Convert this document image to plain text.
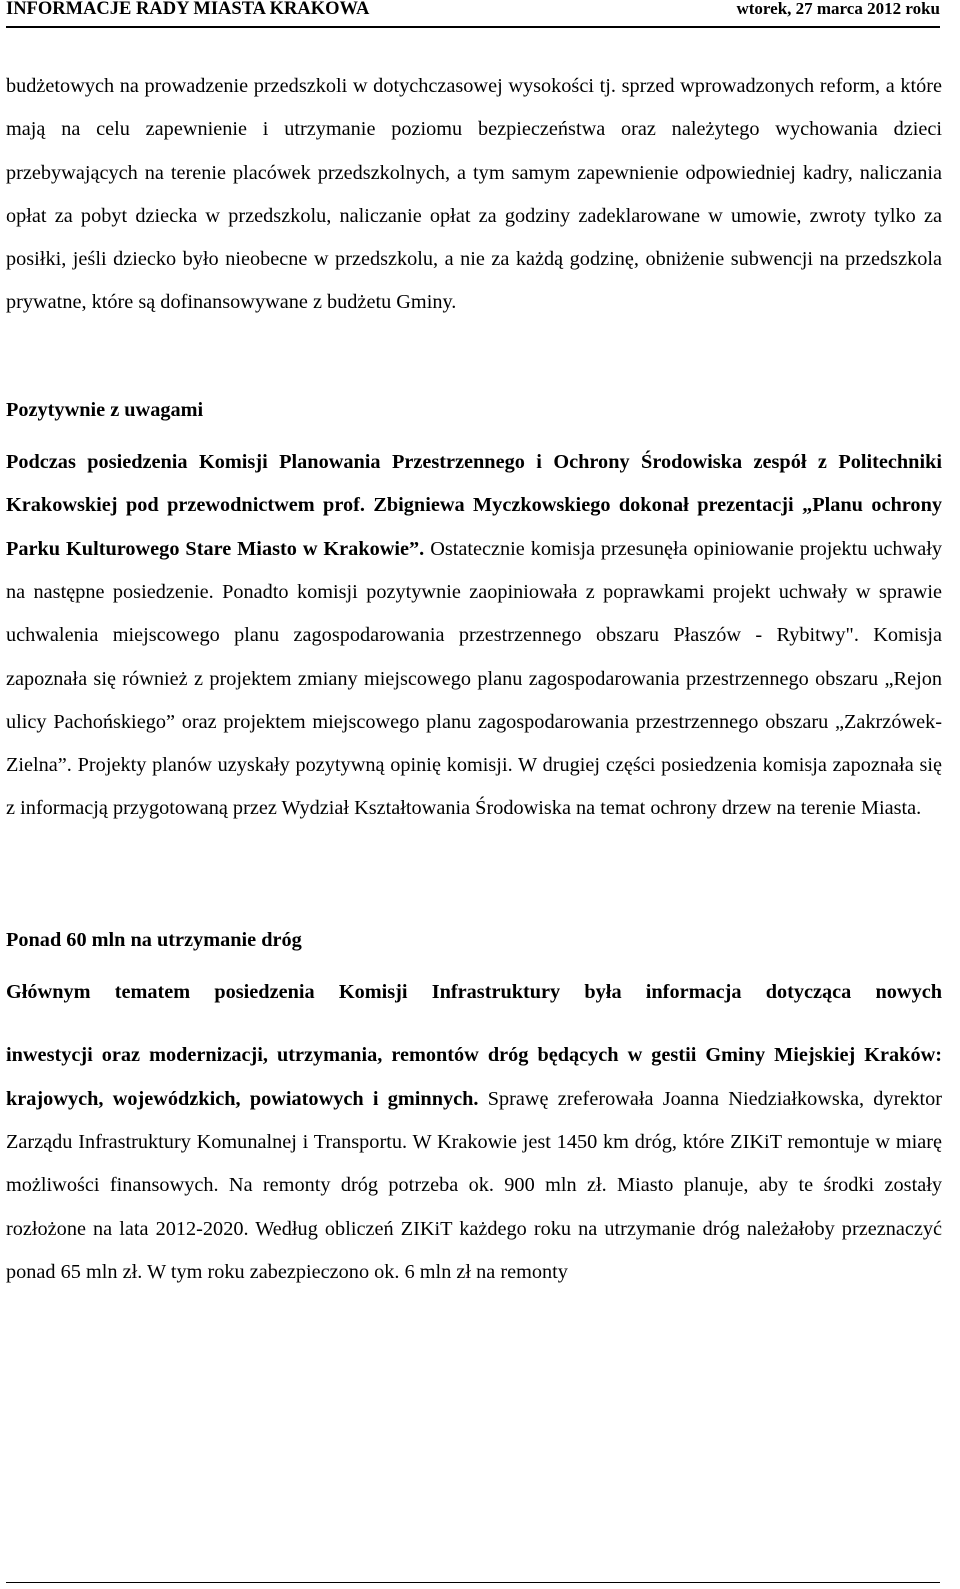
INFORMACJE RADY MIASTA KRAKOWA	wtorek, 27 marca 2012 roku

budżetowych na prowadzenie przedszkoli w dotychczasowej wysokości tj. sprzed wprowadzonych reform, a które mają na celu zapewnienie i utrzymanie poziomu bezpieczeństwa oraz należytego wychowania dzieci przebywających na terenie placówek przedszkolnych, a tym samym zapewnienie odpowiedniej kadry, naliczania opłat za pobyt dziecka w przedszkolu, naliczanie opłat za godziny zadeklarowane w umowie, zwroty tylko za posiłki, jeśli dziecko było nieobecne w przedszkolu, a nie za każdą godzinę, obniżenie subwencji na przedszkola prywatne, które są dofinansowywane z budżetu Gminy.

Pozytywnie z uwagami

Podczas posiedzenia Komisji Planowania Przestrzennego i Ochrony Środowiska zespół z Politechniki Krakowskiej pod przewodnictwem prof. Zbigniewa Myczkowskiego dokonał prezentacji „Planu ochrony Parku Kulturowego Stare Miasto w Krakowie”. Ostatecznie komisja przesunęła opiniowanie projektu uchwały na następne posiedzenie. Ponadto komisji pozytywnie zaopiniowała z poprawkami projekt uchwały w sprawie uchwalenia miejscowego planu zagospodarowania przestrzennego obszaru Płaszów - Rybitwy". Komisja zapoznała się również z projektem zmiany miejscowego planu zagospodarowania przestrzennego obszaru „Rejon ulicy Pachońskiego” oraz projektem miejscowego planu zagospodarowania przestrzennego obszaru „Zakrzówek-Zielna”. Projekty planów uzyskały pozytywną opinię komisji. W drugiej części posiedzenia komisja zapoznała się z informacją przygotowaną przez Wydział Kształtowania Środowiska na temat ochrony drzew na terenie Miasta.

Ponad 60 mln na utrzymanie dróg

Głównym tematem posiedzenia Komisji Infrastruktury była informacja dotycząca nowych

inwestycji oraz modernizacji, utrzymania, remontów dróg będących w gestii Gminy Miejskiej Kraków: krajowych, wojewódzkich, powiatowych i gminnych. Sprawę zreferowała Joanna Niedziałkowska, dyrektor Zarządu Infrastruktury Komunalnej i Transportu. W Krakowie jest 1450 km dróg, które ZIKiT remontuje w miarę możliwości finansowych. Na remonty dróg potrzeba ok. 900 mln zł. Miasto planuje, aby te środki zostały rozłożone na lata 2012-2020. Według obliczeń ZIKiT każdego roku na utrzymanie dróg należałoby przeznaczyć ponad 65 mln zł. W tym roku zabezpieczono ok. 6 mln zł na remonty
